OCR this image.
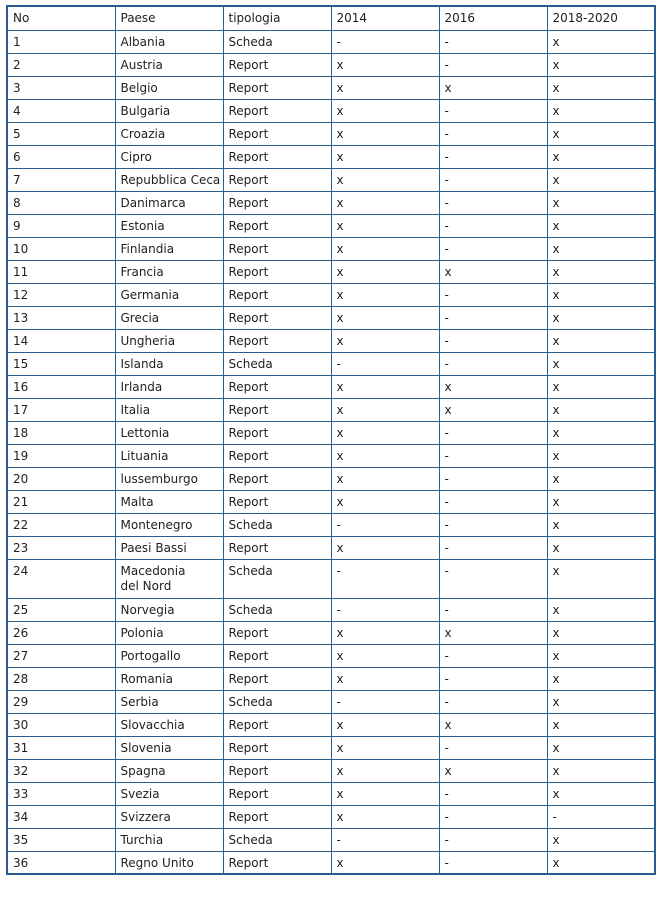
No	Paese	tipologia	2014	2016	2018-2020

1	Albania	Scheda	-	-	x

2	Austria	Report	x	-	x

3	Belgio	Report	x	x	x

4	Bulgaria	Report	x	-	x

5	Croazia	Report	x	-	x

6	Cipro	Report	x	-	x

7	Repubblica Ceca	Report	x	-	x

8	Danimarca	Report	x	-	x

9	Estonia	Report	x	-	x

10	Finlandia	Report	x	-	x

11	Francia	Report	x	x	x

12	Germania	Report	x	-	x

13	Grecia	Report	x	-	x

14	Ungheria	Report	x	-	x

15	Islanda	Scheda	-	-	x

16	Irlanda	Report	x	x	x

17	Italia	Report	x	x	x

18	Lettonia	Report	x	-	x

19	Lituania	Report	x	-	x

20	lussemburgo	Report	x	-	x

21	Malta	Report	x	-	x

22	Montenegro	Scheda	-	-	x

23	Paesi Bassi	Report	x	-	x

24	Macedonia del Nord	Scheda	-	-	x

25	Norvegia	Scheda	-	-	x

26	Polonia	Report	x	x	x

27	Portogallo	Report	x	-	x

28	Romania	Report	x	-	x

29	Serbia	Scheda	-	-	x

30	Slovacchia	Report	x	x	x

31	Slovenia	Report	x	-	x

32	Spagna	Report	x	x	x

33	Svezia	Report	x	-	x

34	Svizzera	Report	x	-	-

35	Turchia	Scheda	-	-	x

36	Regno Unito	Report	x	-	x
